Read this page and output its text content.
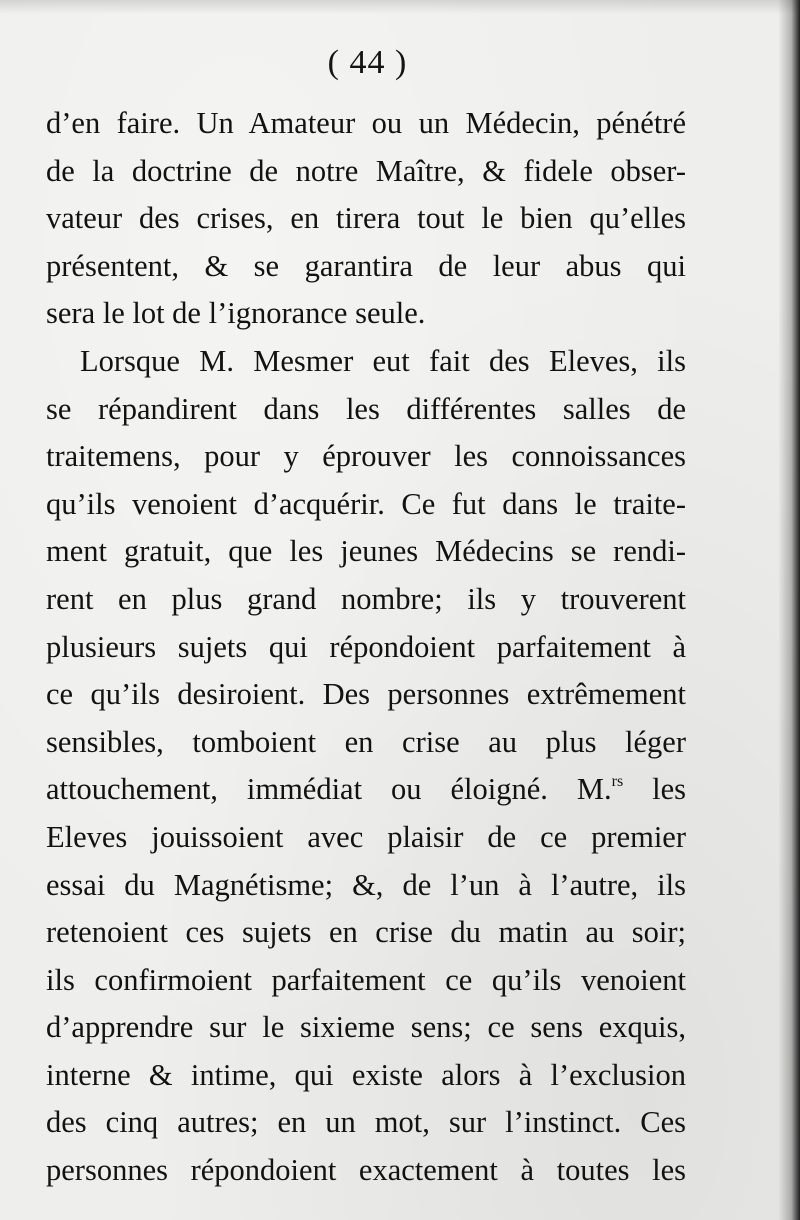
( 44 )
d’en faire. Un Amateur ou un Médecin, pénétré
de la doctrine de notre Maître, & fidele obser-
vateur des crises, en tirera tout le bien qu’elles
présentent, & se garantira de leur abus qui
sera le lot de l’ignorance seule.
Lorsque M. Mesmer eut fait des Eleves, ils
se répandirent dans les différentes salles de
traitemens, pour y éprouver les connoissances
qu’ils venoient d’acquérir. Ce fut dans le traite-
ment gratuit, que les jeunes Médecins se rendi-
rent en plus grand nombre; ils y trouverent
plusieurs sujets qui répondoient parfaitement à
ce qu’ils desiroient. Des personnes extrêmement
sensibles, tomboient en crise au plus léger
attouchement, immédiat ou éloigné. M.$^{rs}$ les
Eleves jouissoient avec plaisir de ce premier
essai du Magnétisme; &, de l’un à l’autre, ils
retenoient ces sujets en crise du matin au soir;
ils confirmoient parfaitement ce qu’ils venoient
d’apprendre sur le sixieme sens; ce sens exquis,
interne & intime, qui existe alors à l’exclusion
des cinq autres; en un mot, sur l’instinct. Ces
personnes répondoient exactement à toutes les
